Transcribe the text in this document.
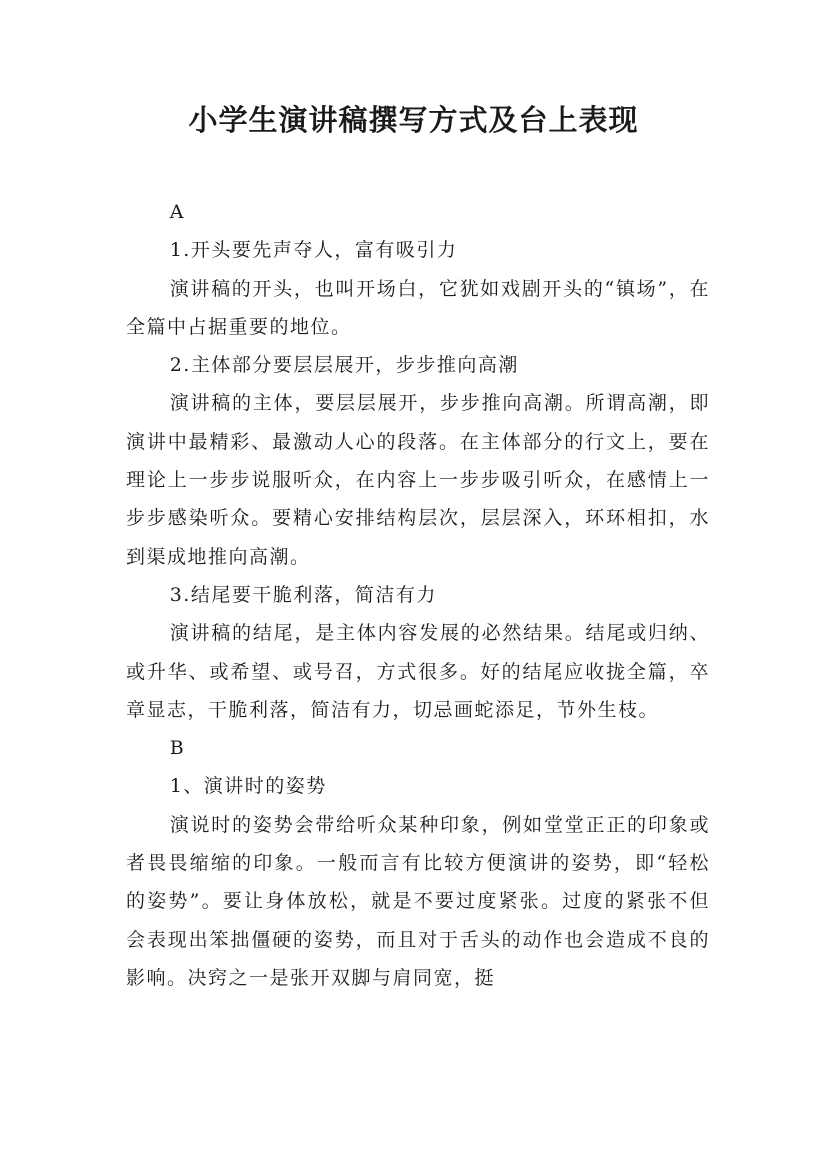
小学生演讲稿撰写方式及台上表现

A

1.开头要先声夺人，富有吸引力

演讲稿的开头，也叫开场白，它犹如戏剧开头的“镇场”，在全篇中占据重要的地位。

2.主体部分要层层展开，步步推向高潮

演讲稿的主体，要层层展开，步步推向高潮。所谓高潮，即演讲中最精彩、最激动人心的段落。在主体部分的行文上，要在理论上一步步说服听众，在内容上一步步吸引听众，在感情上一步步感染听众。要精心安排结构层次，层层深入，环环相扣，水到渠成地推向高潮。

3.结尾要干脆利落，简洁有力

演讲稿的结尾，是主体内容发展的必然结果。结尾或归纳、或升华、或希望、或号召，方式很多。好的结尾应收拢全篇，卒章显志，干脆利落，简洁有力，切忌画蛇添足，节外生枝。

B

1、演讲时的姿势

演说时的姿势会带给听众某种印象，例如堂堂正正的印象或者畏畏缩缩的印象。一般而言有比较方便演讲的姿势，即“轻松的姿势”。要让身体放松，就是不要过度紧张。过度的紧张不但会表现出笨拙僵硬的姿势，而且对于舌头的动作也会造成不良的影响。决窍之一是张开双脚与肩同宽，挺
